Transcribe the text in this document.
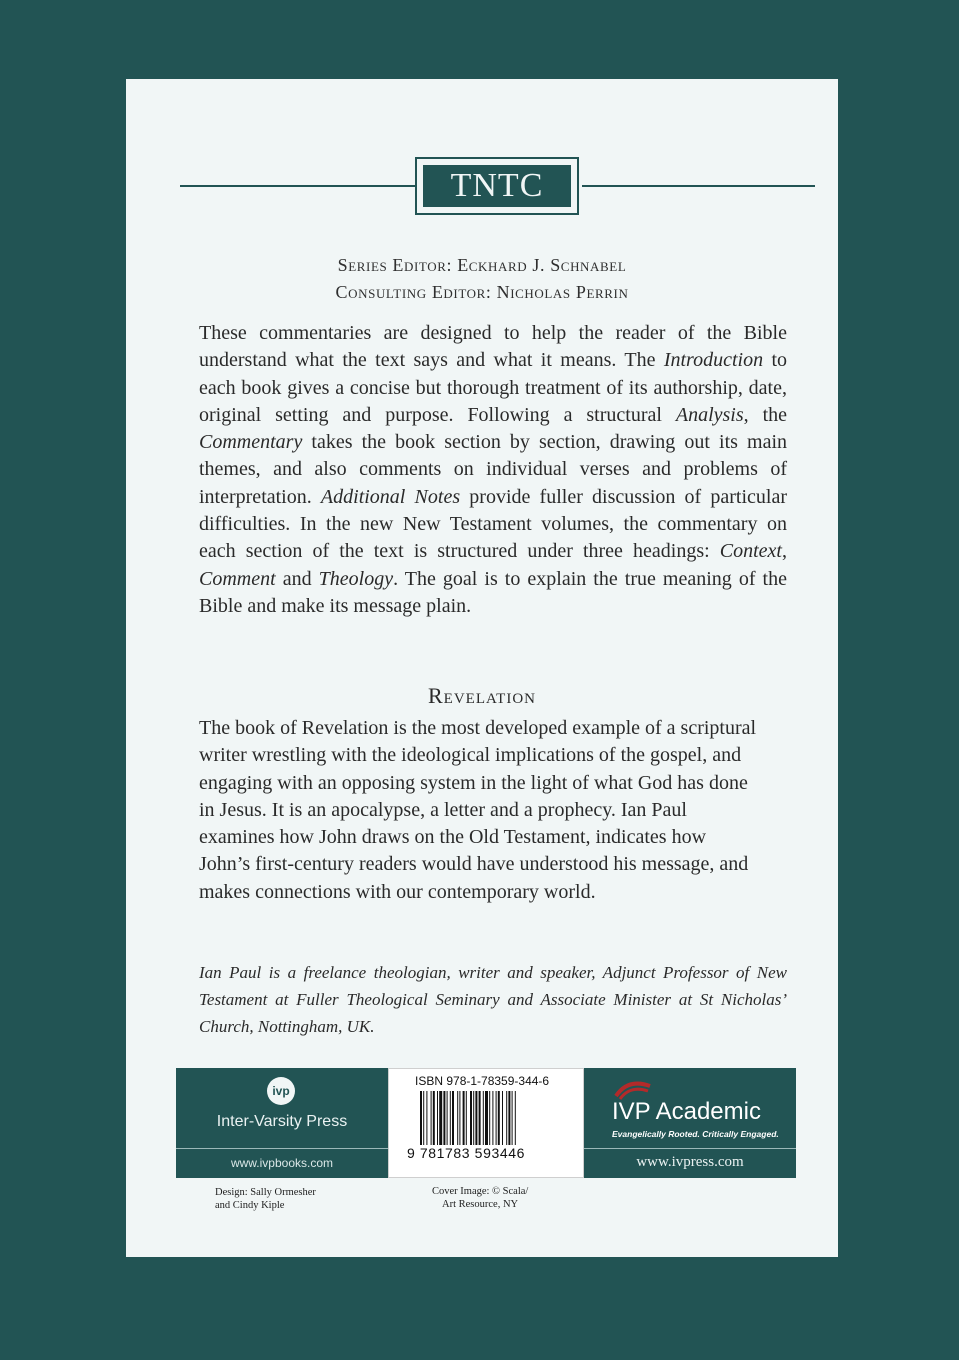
TNTC
Series Editor: Eckhard J. Schnabel
Consulting Editor: Nicholas Perrin
These commentaries are designed to help the reader of the Bible understand what the text says and what it means. The Introduction to each book gives a concise but thorough treatment of its authorship, date, original setting and purpose. Following a structural Analysis, the Commentary takes the book section by section, drawing out its main themes, and also comments on individual verses and problems of interpretation. Additional Notes provide fuller discussion of particular difficulties. In the new New Testament volumes, the commentary on each section of the text is structured under three headings: Context, Comment and Theology. The goal is to explain the true meaning of the Bible and make its message plain.
Revelation
The book of Revelation is the most developed example of a scriptural writer wrestling with the ideological implications of the gospel, and engaging with an opposing system in the light of what God has done in Jesus. It is an apocalypse, a letter and a prophecy. Ian Paul examines how John draws on the Old Testament, indicates how John’s first-century readers would have understood his message, and makes connections with our contemporary world.
Ian Paul is a freelance theologian, writer and speaker, Adjunct Professor of New Testament at Fuller Theological Seminary and Associate Minister at St Nicholas’ Church, Nottingham, UK.
ivp
Inter-Varsity Press
www.ivpbooks.com
ISBN 978-1-78359-344-6
9 781783 593446
IVP Academic
Evangelically Rooted. Critically Engaged.
www.ivpress.com
Design: Sally Ormesher
and Cindy Kiple
Cover Image: © Scala/
Art Resource, NY
